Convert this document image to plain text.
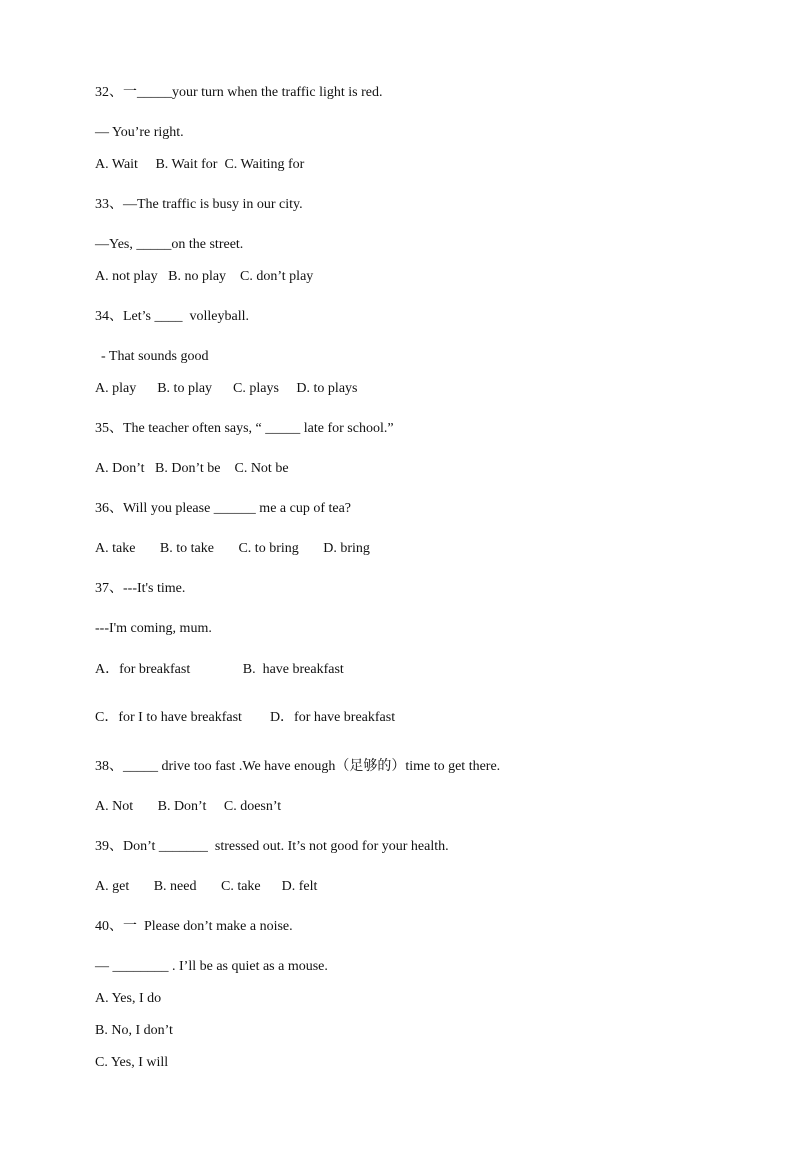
32、一_____your turn when the traffic light is red.
— You’re right.
A. Wait     B. Wait for  C. Waiting for
33、—The traffic is busy in our city.
—Yes, _____on the street.
A. not play   B. no play    C. don’t play
34、Let’s ____  volleyball.
- That sounds good
A. play      B. to play      C. plays     D. to plays
35、The teacher often says, “ _____ late for school.”
A. Don’t   B. Don’t be    C. Not be
36、Will you please ______ me a cup of tea?
A. take       B. to take       C. to bring       D. bring
37、---It's time.
---I'm coming, mum.
A．for breakfast               B.  have breakfast
C．for I to have breakfast        D．for have breakfast
38、_____ drive too fast .We have enough（足够的）time to get there.
A. Not       B. Don’t     C. doesn’t
39、Don’t _______  stressed out. It’s not good for your health.
A. get       B. need       C. take      D. felt
40、一  Please don’t make a noise.
— ________ . I’ll be as quiet as a mouse.
A. Yes, I do
B. No, I don’t
C. Yes, I will
